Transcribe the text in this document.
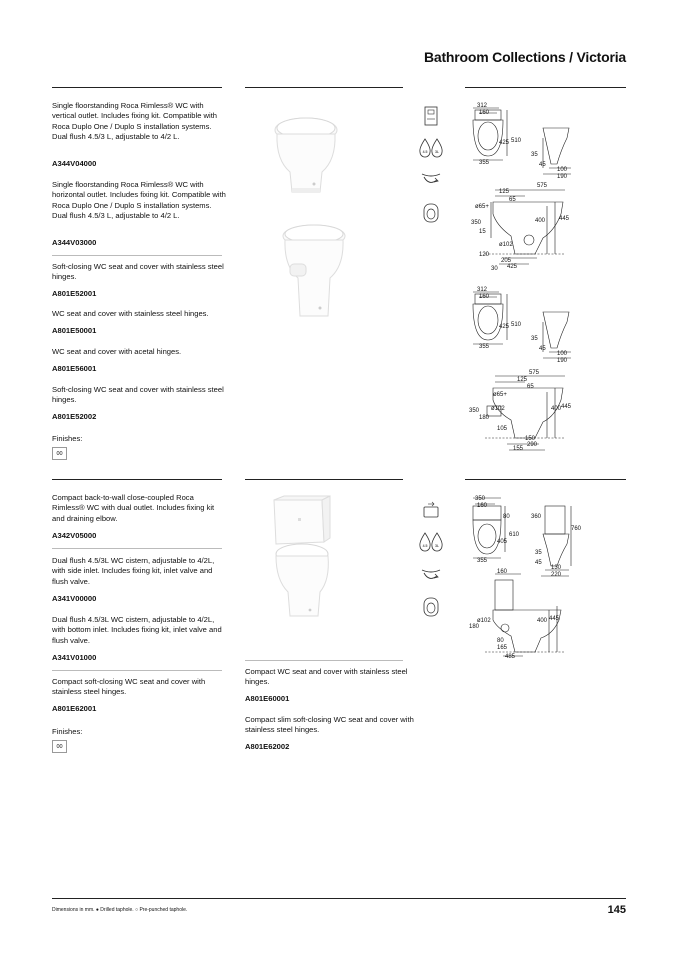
Bathroom Collections / Victoria
Single floorstanding Roca Rimless® WC with vertical outlet. Includes fixing kit. Compatible with Roca Duplo One / Duplo S installation systems. Dual flush 4.5/3 L, adjustable to 4/2 L.
A344V04000
Single floorstanding Roca Rimless® WC with horizontal outlet. Includes fixing kit. Compatible with Roca Duplo One / Duplo S installation systems. Dual flush 4.5/3 L, adjustable to 4/2 L.
A344V03000
Soft-closing WC seat and cover with stainless steel hinges.
A801E52001
WC seat and cover with stainless steel hinges.
A801E50001
WC seat and cover with acetal hinges.
A801E56001
Soft-closing WC seat and cover with stainless steel hinges.
A801E52002
Finishes:
00
4.5 3L
312
160
425 510
355
35
45
100
190
575
125
65
ø65+
350
15
ø102
400 445
120
205
30 425
312
160
425 510
355
35
45
100
190
575
125
65
ø65+
350
180
ø102	400 445
105
150
155
290
Compact back-to-wall close-coupled Roca Rimless® WC with dual outlet. Includes fixing kit and draining elbow.
A342V05000
Dual flush 4.5/3L WC cistern, adjustable to 4/2L, with side inlet. Includes fixing kit, inlet valve and flush valve.
A341V00000
Dual flush 4.5/3L WC cistern, adjustable to 4/2L, with bottom inlet. Includes fixing kit, inlet valve and flush valve.
A341V01000
Compact soft-closing WC seat and cover with stainless steel hinges.
A801E62001
Finishes:
00
Compact WC seat and cover with stainless steel hinges.
A801E60001
Compact slim soft-closing WC seat and cover with stainless steel hinges.
A801E62002
4.5 3L
350
160
80
610
405
355
360
760
35
45
130
220
160
ø102
180
400 445
80
165
485
Dimensions in mm. ● Drilled taphole. ○ Pre-punched taphole.	145
